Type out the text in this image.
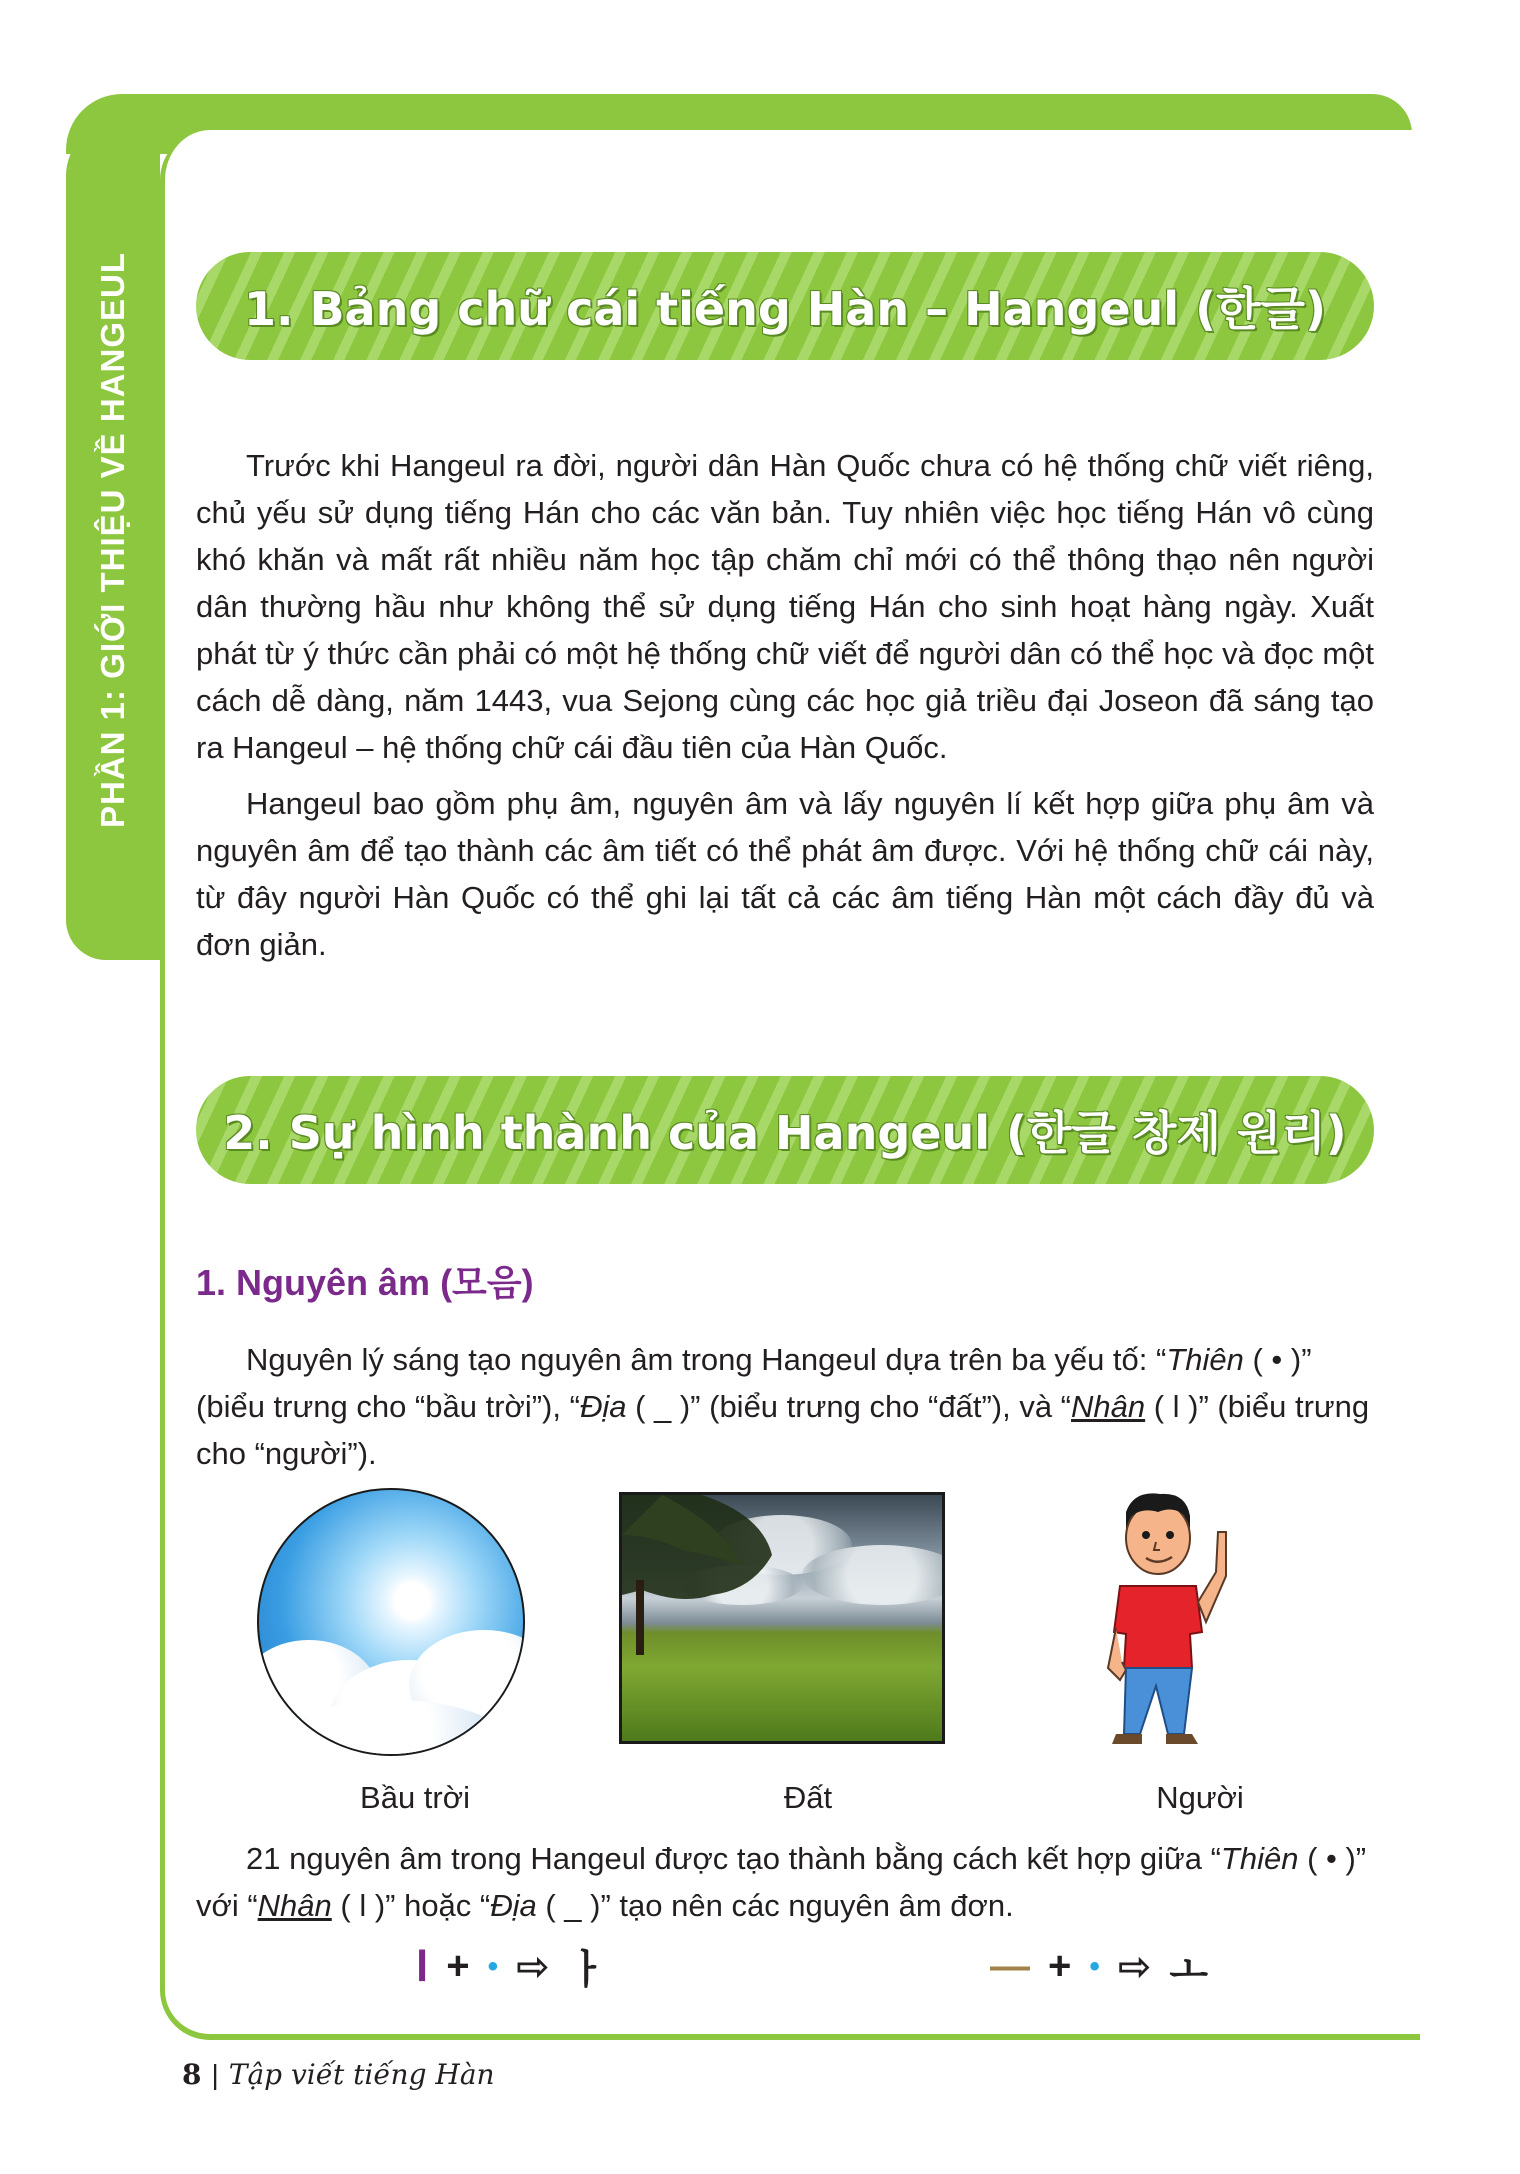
PHẦN 1: GIỚI THIỆU VỀ HANGEUL 1. Bảng chữ cái tiếng Hàn – Hangeul (한글)

Trước khi Hangeul ra đời, người dân Hàn Quốc chưa có hệ thống chữ viết riêng, chủ yếu sử dụng tiếng Hán cho các văn bản. Tuy nhiên việc học tiếng Hán vô cùng khó khăn và mất rất nhiều năm học tập chăm chỉ mới có thể thông thạo nên người dân thường hầu như không thể sử dụng tiếng Hán cho sinh hoạt hàng ngày. Xuất phát từ ý thức cần phải có một hệ thống chữ viết để người dân có thể học và đọc một cách dễ dàng, năm 1443, vua Sejong cùng các học giả triều đại Joseon đã sáng tạo ra Hangeul – hệ thống chữ cái đầu tiên của Hàn Quốc.

Hangeul bao gồm phụ âm, nguyên âm và lấy nguyên lí kết hợp giữa phụ âm và nguyên âm để tạo thành các âm tiết có thể phát âm được. Với hệ thống chữ cái này, từ đây người Hàn Quốc có thể ghi lại tất cả các âm tiếng Hàn một cách đầy đủ và đơn giản.

2. Sự hình thành của Hangeul (한글 창제 원리)
1. Nguyên âm (모음)

Nguyên lý sáng tạo nguyên âm trong Hangeul dựa trên ba yếu tố: “Thiên ( • )” (biểu trưng cho “bầu trời”), “Địa ( _ )” (biểu trưng cho “đất”), và “Nhân ( l )” (biểu trưng cho “người”).

Bầu trời	Đất	Người

21 nguyên âm trong Hangeul được tạo thành bằng cách kết hợp giữa “Thiên ( • )” với “Nhân ( l )” hoặc “Địa ( _ )” tạo nên các nguyên âm đơn.

l + • ⇨ ㅏ	— + • ⇨ ㅗ
8 | Tập viết tiếng Hàn
